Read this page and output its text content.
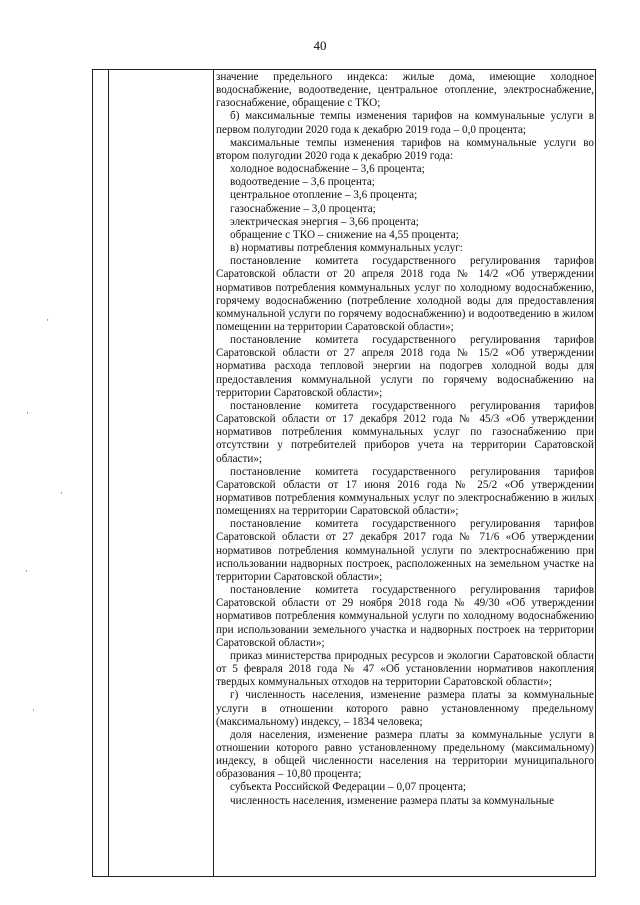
40

значение предельного индекса: жилые дома, имеющие холодное водоснабжение, водоотведение, центральное отопление, электроснабжение, газоснабжение, обращение с ТКО;

б) максимальные темпы изменения тарифов на коммунальные услуги в первом полугодии 2020 года к декабрю 2019 года – 0,0 процента;

максимальные темпы изменения тарифов на коммунальные услуги во втором полугодии 2020 года к декабрю 2019 года:

холодное водоснабжение – 3,6 процента;

водоотведение – 3,6 процента;

центральное отопление – 3,6 процента;

газоснабжение – 3,0 процента;

электрическая энергия – 3,66 процента;

обращение с ТКО – снижение на 4,55 процента;

в) нормативы потребления коммунальных услуг:

постановление комитета государственного регулирования тарифов Саратовской области от 20 апреля 2018 года № 14/2 «Об утверждении нормативов потребления коммунальных услуг по холодному водоснабжению, горячему водоснабжению (потребление холодной воды для предоставления коммунальной услуги по горячему водоснабжению) и водоотведению в жилом помещении на территории Саратовской области»;

постановление комитета государственного регулирования тарифов Саратовской области от 27 апреля 2018 года № 15/2 «Об утверждении норматива расхода тепловой энергии на подогрев холодной воды для предоставления коммунальной услуги по горячему водоснабжению на территории Саратовской области»;

постановление комитета государственного регулирования тарифов Саратовской области от 17 декабря 2012 года № 45/3 «Об утверждении нормативов потребления коммунальных услуг по газоснабжению при отсутствии у потребителей приборов учета на территории Саратовской области»;

постановление комитета государственного регулирования тарифов Саратовской области от 17 июня 2016 года № 25/2 «Об утверждении нормативов потребления коммунальных услуг по электроснабжению в жилых помещениях на территории Саратовской области»;

постановление комитета государственного регулирования тарифов Саратовской области от 27 декабря 2017 года № 71/6 «Об утверждении нормативов потребления коммунальной услуги по электроснабжению при использовании надворных построек, расположенных на земельном участке на территории Саратовской области»;

постановление комитета государственного регулирования тарифов Саратовской области от 29 ноября 2018 года № 49/30 «Об утверждении нормативов потребления коммунальной услуги по холодному водоснабжению при использовании земельного участка и надворных построек на территории Саратовской области»;

приказ министерства природных ресурсов и экологии Саратовской области от 5 февраля 2018 года № 47 «Об установлении нормативов накопления твердых коммунальных отходов на территории Саратовской области»;

г) численность населения, изменение размера платы за коммунальные услуги в отношении которого равно установленному предельному (максимальному) индексу, – 1834 человека;

доля населения, изменение размера платы за коммунальные услуги в отношении которого равно установленному предельному (максимальному) индексу, в общей численности населения на территории муниципального образования – 10,80 процента;

субъекта Российской Федерации – 0,07 процента;

численность населения, изменение размера платы за коммунальные

·
·
·
·
·
